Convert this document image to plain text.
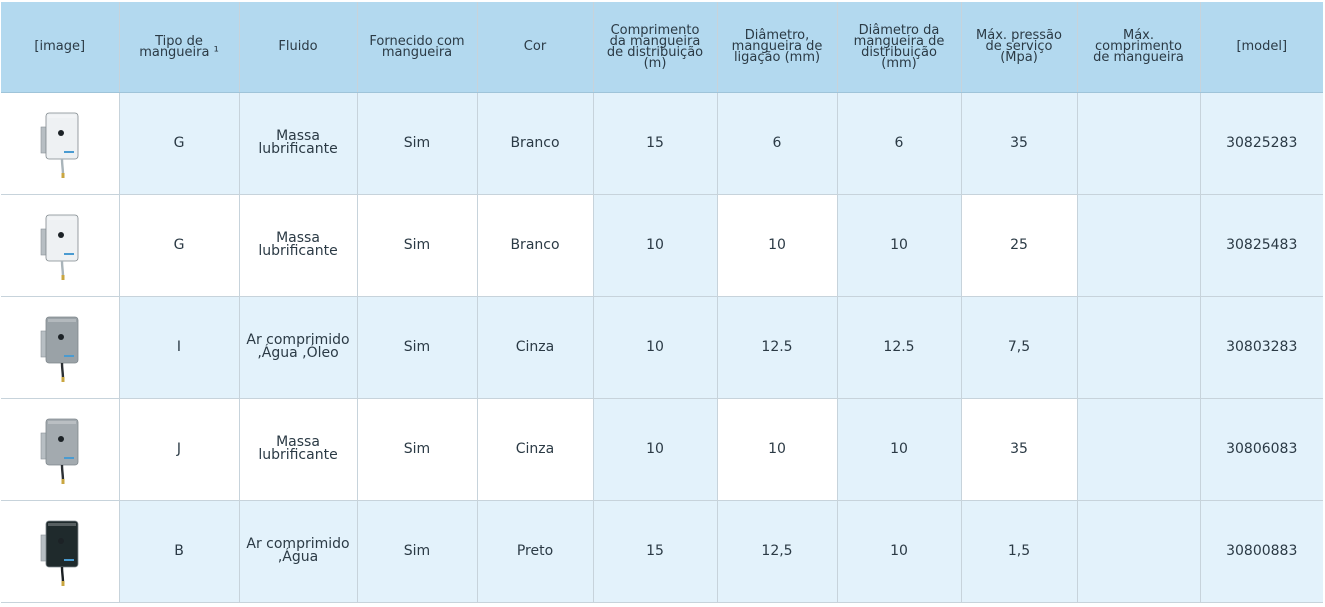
[image]	Tipo de
mangueira ¹	Fluido	Fornecido com
mangueira	Cor	Comprimento
da mangueira
de distribuição
(m)	Diâmetro,
mangueira de
ligação (mm)	Diâmetro da
mangueira de
distribuição
(mm)	Máx. pressão
de serviço
(Mpa)	Máx.
comprimento
de mangueira	[model]

	G	Massa
lubrificante	Sim	Branco	15	6	6	35		30825283

	G	Massa
lubrificante	Sim	Branco	10	10	10	25		30825483

	I	Ar comprimido
,Água ,Óleo	Sim	Cinza	10	12.5	12.5	7,5		30803283

	J	Massa
lubrificante	Sim	Cinza	10	10	10	35		30806083

	B	Ar comprimido
,Água	Sim	Preto	15	12,5	10	1,5		30800883
